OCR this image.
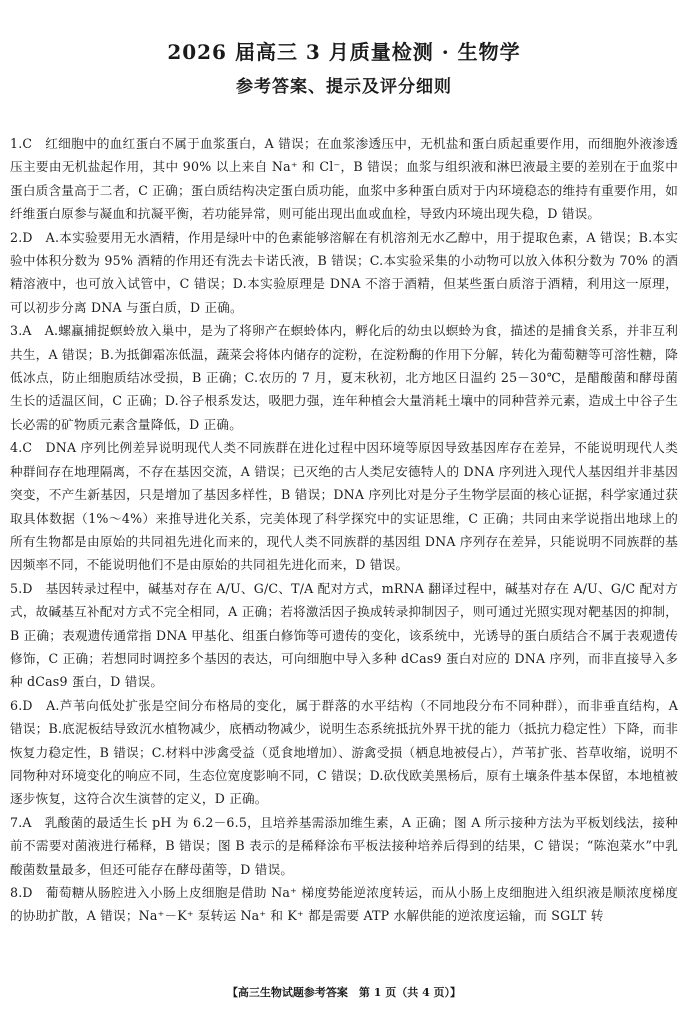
2026 届高三 3 月质量检测 · 生物学
参考答案、提示及评分细则

1.C　 红细胞中的血红蛋白不属于血浆蛋白，A 错误；在血浆渗透压中，无机盐和蛋白质起重要作用，而细胞外液渗透压主要由无机盐起作用，其中 90% 以上来自 Na⁺ 和 Cl⁻，B 错误；血浆与组织液和淋巴液最主要的差别在于血浆中蛋白质含量高于二者，C 正确；蛋白质结构决定蛋白质功能，血浆中多种蛋白质对于内环境稳态的维持有重要作用，如纤维蛋白原参与凝血和抗凝平衡，若功能异常，则可能出现出血或血栓，导致内环境出现失稳，D 错误。

2.D　 A.本实验要用无水酒精，作用是绿叶中的色素能够溶解在有机溶剂无水乙醇中，用于提取色素，A 错误；B.本实验中体积分数为 95% 酒精的作用还有洗去卡诺氏液，B 错误；C.本实验采集的小动物可以放入体积分数为 70% 的酒精溶液中，也可放入试管中，C 错误；D.本实验原理是 DNA 不溶于酒精，但某些蛋白质溶于酒精，利用这一原理，可以初步分离 DNA 与蛋白质，D 正确。

3.A　 A.螺蠃捕捉螟蛉放入巢中，是为了将卵产在螟蛉体内，孵化后的幼虫以螟蛉为食，描述的是捕食关系，并非互利共生，A 错误；B.为抵御霜冻低温，蔬菜会将体内储存的淀粉，在淀粉酶的作用下分解，转化为葡萄糖等可溶性糖，降低冰点，防止细胞质结冰受损，B 正确；C.农历的 7 月，夏末秋初，北方地区日温约 25－30℃，是醋酸菌和酵母菌生长的适温区间，C 正确；D.谷子根系发达，吸肥力强，连年种植会大量消耗土壤中的同种营养元素，造成土中谷子生长必需的矿物质元素含量降低，D 正确。

4.C　 DNA 序列比例差异说明现代人类不同族群在进化过程中因环境等原因导致基因库存在差异，不能说明现代人类种群间存在地理隔离，不存在基因交流，A 错误；已灭绝的古人类尼安德特人的 DNA 序列进入现代人基因组并非基因突变，不产生新基因，只是增加了基因多样性，B 错误；DNA 序列比对是分子生物学层面的核心证据，科学家通过获取具体数据（1%～4%）来推导进化关系，完美体现了科学探究中的实证思维，C 正确；共同由来学说指出地球上的所有生物都是由原始的共同祖先进化而来的，现代人类不同族群的基因组 DNA 序列存在差异，只能说明不同族群的基因频率不同，不能说明他们不是由原始的共同祖先进化而来，D 错误。

5.D　 基因转录过程中，碱基对存在 A/U、G/C、T/A 配对方式，mRNA 翻译过程中，碱基对存在 A/U、G/C 配对方式，故碱基互补配对方式不完全相同，A 正确；若将激活因子换成转录抑制因子，则可通过光照实现对靶基因的抑制，B 正确；表观遗传通常指 DNA 甲基化、组蛋白修饰等可遗传的变化，该系统中，光诱导的蛋白质结合不属于表观遗传修饰，C 正确；若想同时调控多个基因的表达，可向细胞中导入多种 dCas9 蛋白对应的 DNA 序列，而非直接导入多种 dCas9 蛋白，D 错误。

6.D　 A.芦苇向低处扩张是空间分布格局的变化，属于群落的水平结构（不同地段分布不同种群），而非垂直结构，A 错误；B.底泥板结导致沉水植物减少，底栖动物减少，说明生态系统抵抗外界干扰的能力（抵抗力稳定性）下降，而非恢复力稳定性，B 错误；C.材料中涉禽受益（觅食地增加）、游禽受损（栖息地被侵占），芦苇扩张、苔草收缩，说明不同物种对环境变化的响应不同，生态位宽度影响不同，C 错误；D.砍伐欧美黑杨后，原有土壤条件基本保留，本地植被逐步恢复，这符合次生演替的定义，D 正确。

7.A　 乳酸菌的最适生长 pH 为 6.2－6.5，且培养基需添加维生素，A 正确；图 A 所示接种方法为平板划线法，接种前不需要对菌液进行稀释，B 错误；图 B 表示的是稀释涂布平板法接种培养后得到的结果，C 错误；“陈泡菜水”中乳酸菌数量最多，但还可能存在酵母菌等，D 错误。

8.D　 葡萄糖从肠腔进入小肠上皮细胞是借助 Na⁺ 梯度势能逆浓度转运，而从小肠上皮细胞进入组织液是顺浓度梯度的协助扩散，A 错误；Na⁺－K⁺ 泵转运 Na⁺ 和 K⁺ 都是需要 ATP 水解供能的逆浓度运输，而 SGLT 转

【高三生物试题参考答案　第 1 页（共 4 页）】
